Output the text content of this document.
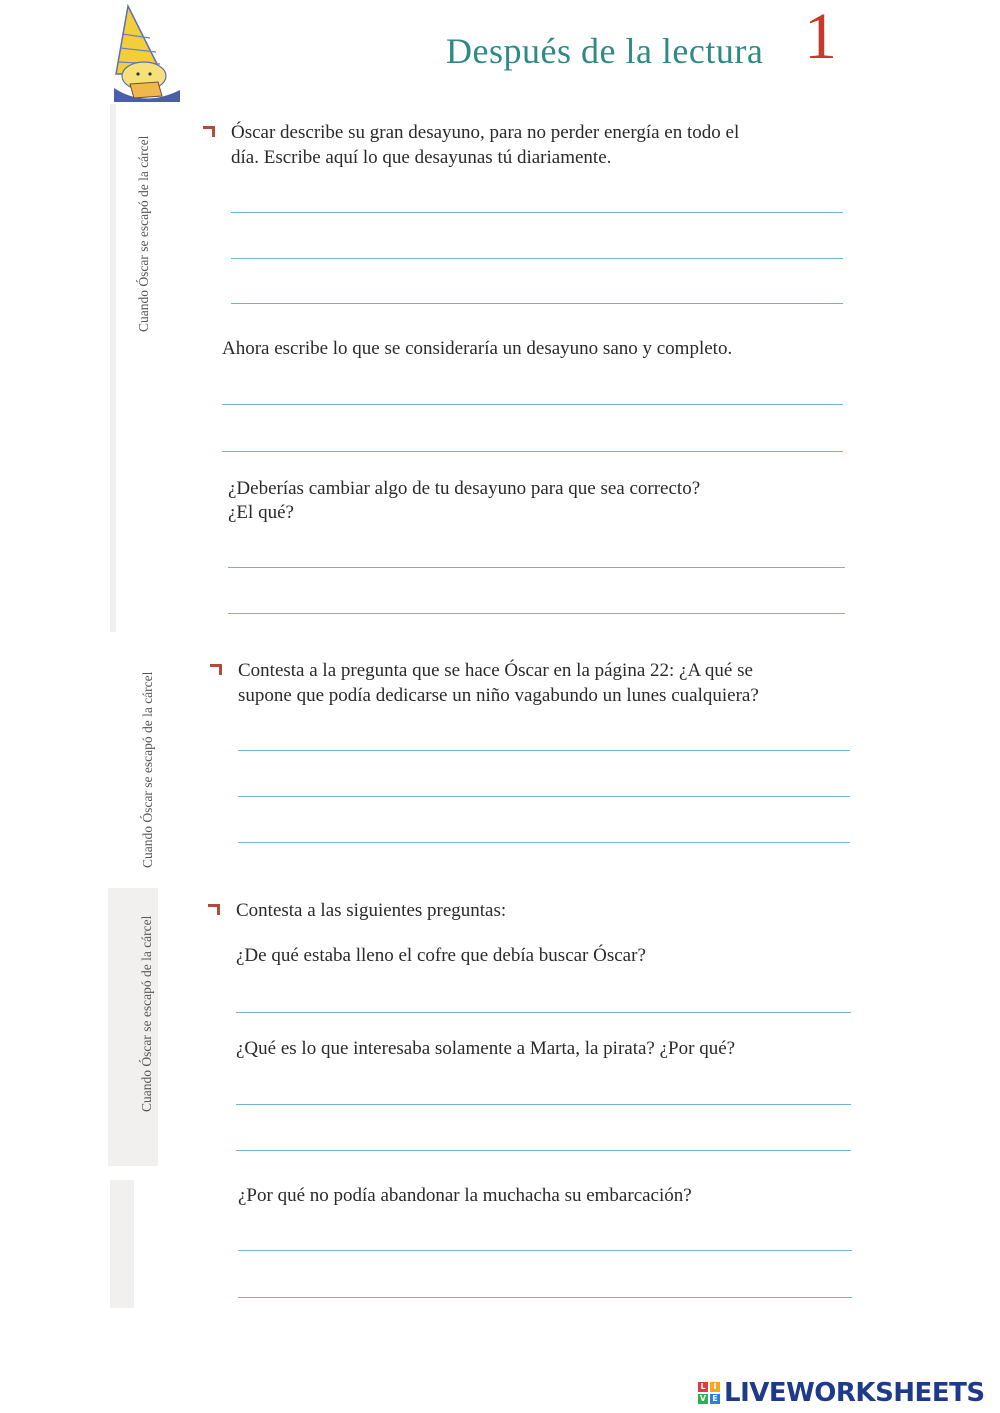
Después de la lectura 1
Cuando Óscar se escapó de la cárcel
Cuando Óscar se escapó de la cárcel
Cuando Óscar se escapó de la cárcel
Óscar describe su gran desayuno, para no perder energía en todo el
día. Escribe aquí lo que desayunas tú diariamente.
Ahora escribe lo que se consideraría un desayuno sano y completo.
¿Deberías cambiar algo de tu desayuno para que sea correcto?
¿El qué?
Contesta a la pregunta que se hace Óscar en la página 22: ¿A qué se
supone que podía dedicarse un niño vagabundo un lunes cualquiera?
Contesta a las siguientes preguntas:
¿De qué estaba lleno el cofre que debía buscar Óscar?
¿Qué es lo que interesaba solamente a Marta, la pirata? ¿Por qué?
¿Por qué no podía abandonar la muchacha su embarcación?
L I
V E LIVEWORKSHEETS
